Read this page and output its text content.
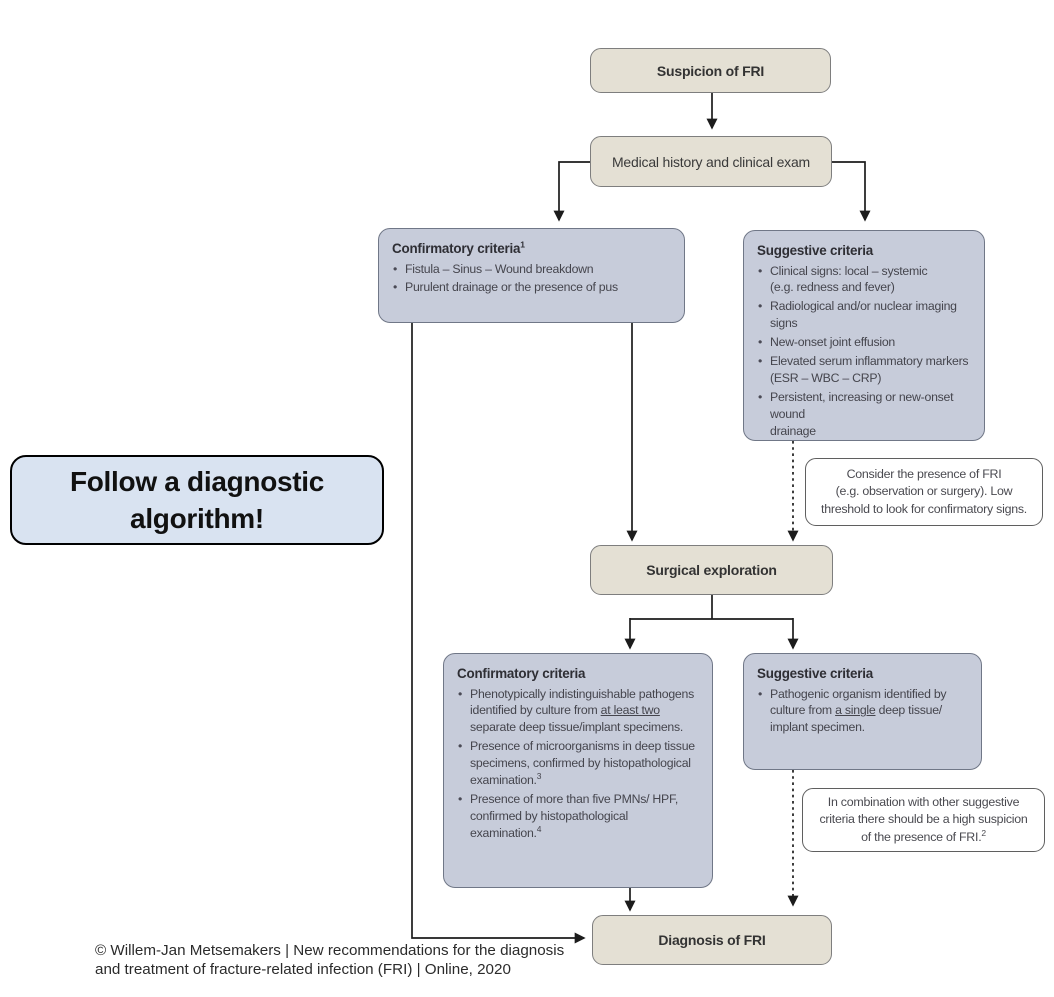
Suspicion of FRI
Medical history and clinical exam
Confirmatory criteria$^1$
• Fistula – Sinus – Wound breakdown
• Purulent drainage or the presence of pus
Suggestive criteria
• Clinical signs: local – systemic
(e.g. redness and fever)
• Radiological and/or nuclear imaging signs
• New-onset joint effusion
• Elevated serum inflammatory markers
(ESR – WBC – CRP)
• Persistent, increasing or new-onset wound
drainage
Consider the presence of FRI
(e.g. observation or surgery). Low
threshold to look for confirmatory signs.
Follow a diagnostic
algorithm!
Surgical exploration
Confirmatory criteria
• Phenotypically indistinguishable pathogens identified by culture from at least two separate deep tissue/implant specimens.
• Presence of microorganisms in deep tissue specimens, confirmed by histopathological examination.$^3$
• Presence of more than five PMNs/ HPF, confirmed by histopathological examination.$^4$
Suggestive criteria
• Pathogenic organism identified by culture from a single deep tissue/ implant specimen.
In combination with other suggestive
criteria there should be a high suspicion
of the presence of FRI.$^2$
Diagnosis of FRI
© Willem-Jan Metsemakers | New recommendations for the diagnosis
and treatment of fracture-related infection (FRI) | Online, 2020
